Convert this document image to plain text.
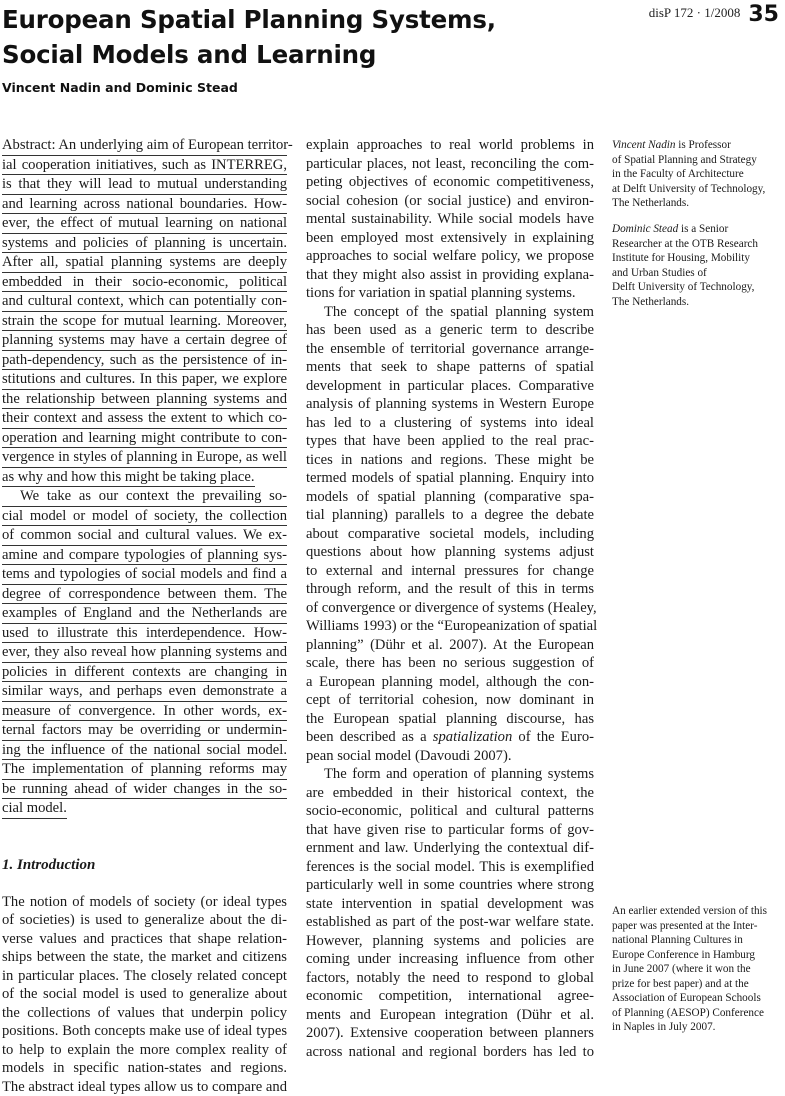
European Spatial Planning Systems,
Social Models and Learning
$^{disP 172 \cdot 1/2008}$ 35
Vincent Nadin and Dominic Stead
Abstract: An underlying aim of European territor-
ial cooperation initiatives, such as INTERREG,
is that they will lead to mutual understanding
and learning across national boundaries. How-
ever, the effect of mutual learning on national
systems and policies of planning is uncertain.
After all, spatial planning systems are deeply
embedded in their socio-economic, political
and cultural context, which can potentially con-
strain the scope for mutual learning. Moreover,
planning systems may have a certain degree of
path-dependency, such as the persistence of in-
stitutions and cultures. In this paper, we explore
the relationship between planning systems and
their context and assess the extent to which co-
operation and learning might contribute to con-
vergence in styles of planning in Europe, as well
as why and how this might be taking place.
We take as our context the prevailing so-
cial model or model of society, the collection
of common social and cultural values. We ex-
amine and compare typologies of planning sys-
tems and typologies of social models and find a
degree of correspondence between them. The
examples of England and the Netherlands are
used to illustrate this interdependence. How-
ever, they also reveal how planning systems and
policies in different contexts are changing in
similar ways, and perhaps even demonstrate a
measure of convergence. In other words, ex-
ternal factors may be overriding or undermin-
ing the influence of the national social model.
The implementation of planning reforms may
be running ahead of wider changes in the so-
cial model.
1. Introduction
The notion of models of society (or ideal types
of societies) is used to generalize about the di-
verse values and practices that shape relation-
ships between the state, the market and citizens
in particular places. The closely related concept
of the social model is used to generalize about
the collections of values that underpin policy
positions. Both concepts make use of ideal types
to help to explain the more complex reality of
models in specific nation-states and regions.
The abstract ideal types allow us to compare and
explain approaches to real world problems in
particular places, not least, reconciling the com-
peting objectives of economic competitiveness,
social cohesion (or social justice) and environ-
mental sustainability. While social models have
been employed most extensively in explaining
approaches to social welfare policy, we propose
that they might also assist in providing explana-
tions for variation in spatial planning systems.
The concept of the spatial planning system
has been used as a generic term to describe
the ensemble of territorial governance arrange-
ments that seek to shape patterns of spatial
development in particular places. Comparative
analysis of planning systems in Western Europe
has led to a clustering of systems into ideal
types that have been applied to the real prac-
tices in nations and regions. These might be
termed models of spatial planning. Enquiry into
models of spatial planning (comparative spa-
tial planning) parallels to a degree the debate
about comparative societal models, including
questions about how planning systems adjust
to external and internal pressures for change
through reform, and the result of this in terms
of convergence or divergence of systems (Healey,
Williams 1993) or the “Europeanization of spatial
planning” (Dühr et al. 2007). At the European
scale, there has been no serious suggestion of
a European planning model, although the con-
cept of territorial cohesion, now dominant in
the European spatial planning discourse, has
been described as a spatialization of the Euro-
pean social model (Davoudi 2007).
The form and operation of planning systems
are embedded in their historical context, the
socio-economic, political and cultural patterns
that have given rise to particular forms of gov-
ernment and law. Underlying the contextual dif-
ferences is the social model. This is exemplified
particularly well in some countries where strong
state intervention in spatial development was
established as part of the post-war welfare state.
However, planning systems and policies are
coming under increasing influence from other
factors, notably the need to respond to global
economic competition, international agree-
ments and European integration (Dühr et al.
2007). Extensive cooperation between planners
across national and regional borders has led to
Vincent Nadin is Professor
of Spatial Planning and Strategy
in the Faculty of Architecture
at Delft University of Technology,
The Netherlands.
Dominic Stead is a Senior
Researcher at the OTB Research
Institute for Housing, Mobility
and Urban Studies of
Delft University of Technology,
The Netherlands.
An earlier extended version of this
paper was presented at the Inter-
national Planning Cultures in
Europe Conference in Hamburg
in June 2007 (where it won the
prize for best paper) and at the
Association of European Schools
of Planning (AESOP) Conference
in Naples in July 2007.
